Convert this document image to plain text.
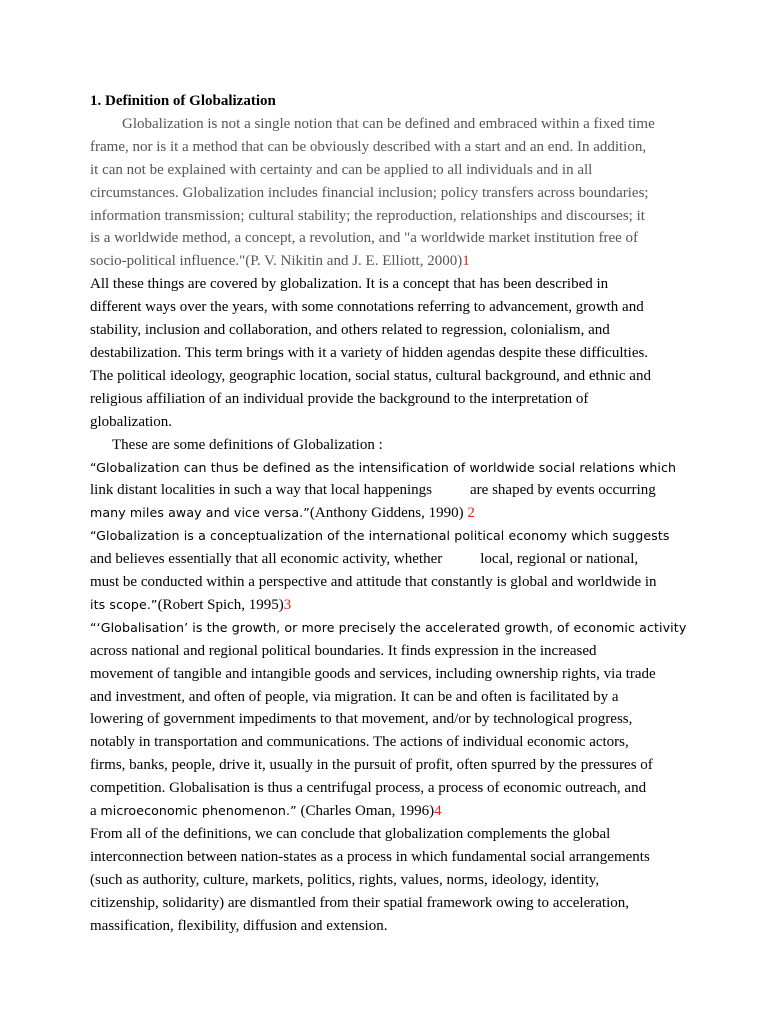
1. Definition of Globalization
Globalization is not a single notion that can be defined and embraced within a fixed time
frame, nor is it a method that can be obviously described with a start and an end. In addition,
it can not be explained with certainty and can be applied to all individuals and in all
circumstances. Globalization includes financial inclusion; policy transfers across boundaries;
information transmission; cultural stability; the reproduction, relationships and discourses; it
is a worldwide method, a concept, a revolution, and "a worldwide market institution free of
socio-political influence."(P. V. Nikitin and J. E. Elliott, 2000)1
All these things are covered by globalization. It is a concept that has been described in
different ways over the years, with some connotations referring to advancement, growth and
stability, inclusion and collaboration, and others related to regression, colonialism, and
destabilization. This term brings with it a variety of hidden agendas despite these difficulties.
The political ideology, geographic location, social status, cultural background, and ethnic and
religious affiliation of an individual provide the background to the interpretation of
globalization.
These are some definitions of Globalization :
“Globalization can thus be defined as the intensification of worldwide social relations which
link distant localities in such a way that local happenings	are shaped by events occurring
many miles away and vice versa.”(Anthony Giddens, 1990) 2
“Globalization is a conceptualization of the international political economy which suggests
and believes essentially that all economic activity, whether	local, regional or national,
must be conducted within a perspective and attitude that constantly is global and worldwide in
its scope.”(Robert Spich, 1995)3
“‘Globalisation’ is the growth, or more precisely the accelerated growth, of economic activity
across national and regional political boundaries. It finds expression in the increased
movement of tangible and intangible goods and services, including ownership rights, via trade
and investment, and often of people, via migration. It can be and often is facilitated by a
lowering of government impediments to that movement, and/or by technological progress,
notably in transportation and communications. The actions of individual economic actors,
firms, banks, people, drive it, usually in the pursuit of profit, often spurred by the pressures of
competition. Globalisation is thus a centrifugal process, a process of economic outreach, and
a microeconomic phenomenon.” (Charles Oman, 1996)4
From all of the definitions, we can conclude that globalization complements the global
interconnection between nation-states as a process in which fundamental social arrangements
(such as authority, culture, markets, politics, rights, values, norms, ideology, identity,
citizenship, solidarity) are dismantled from their spatial framework owing to acceleration,
massification, flexibility, diffusion and extension.
